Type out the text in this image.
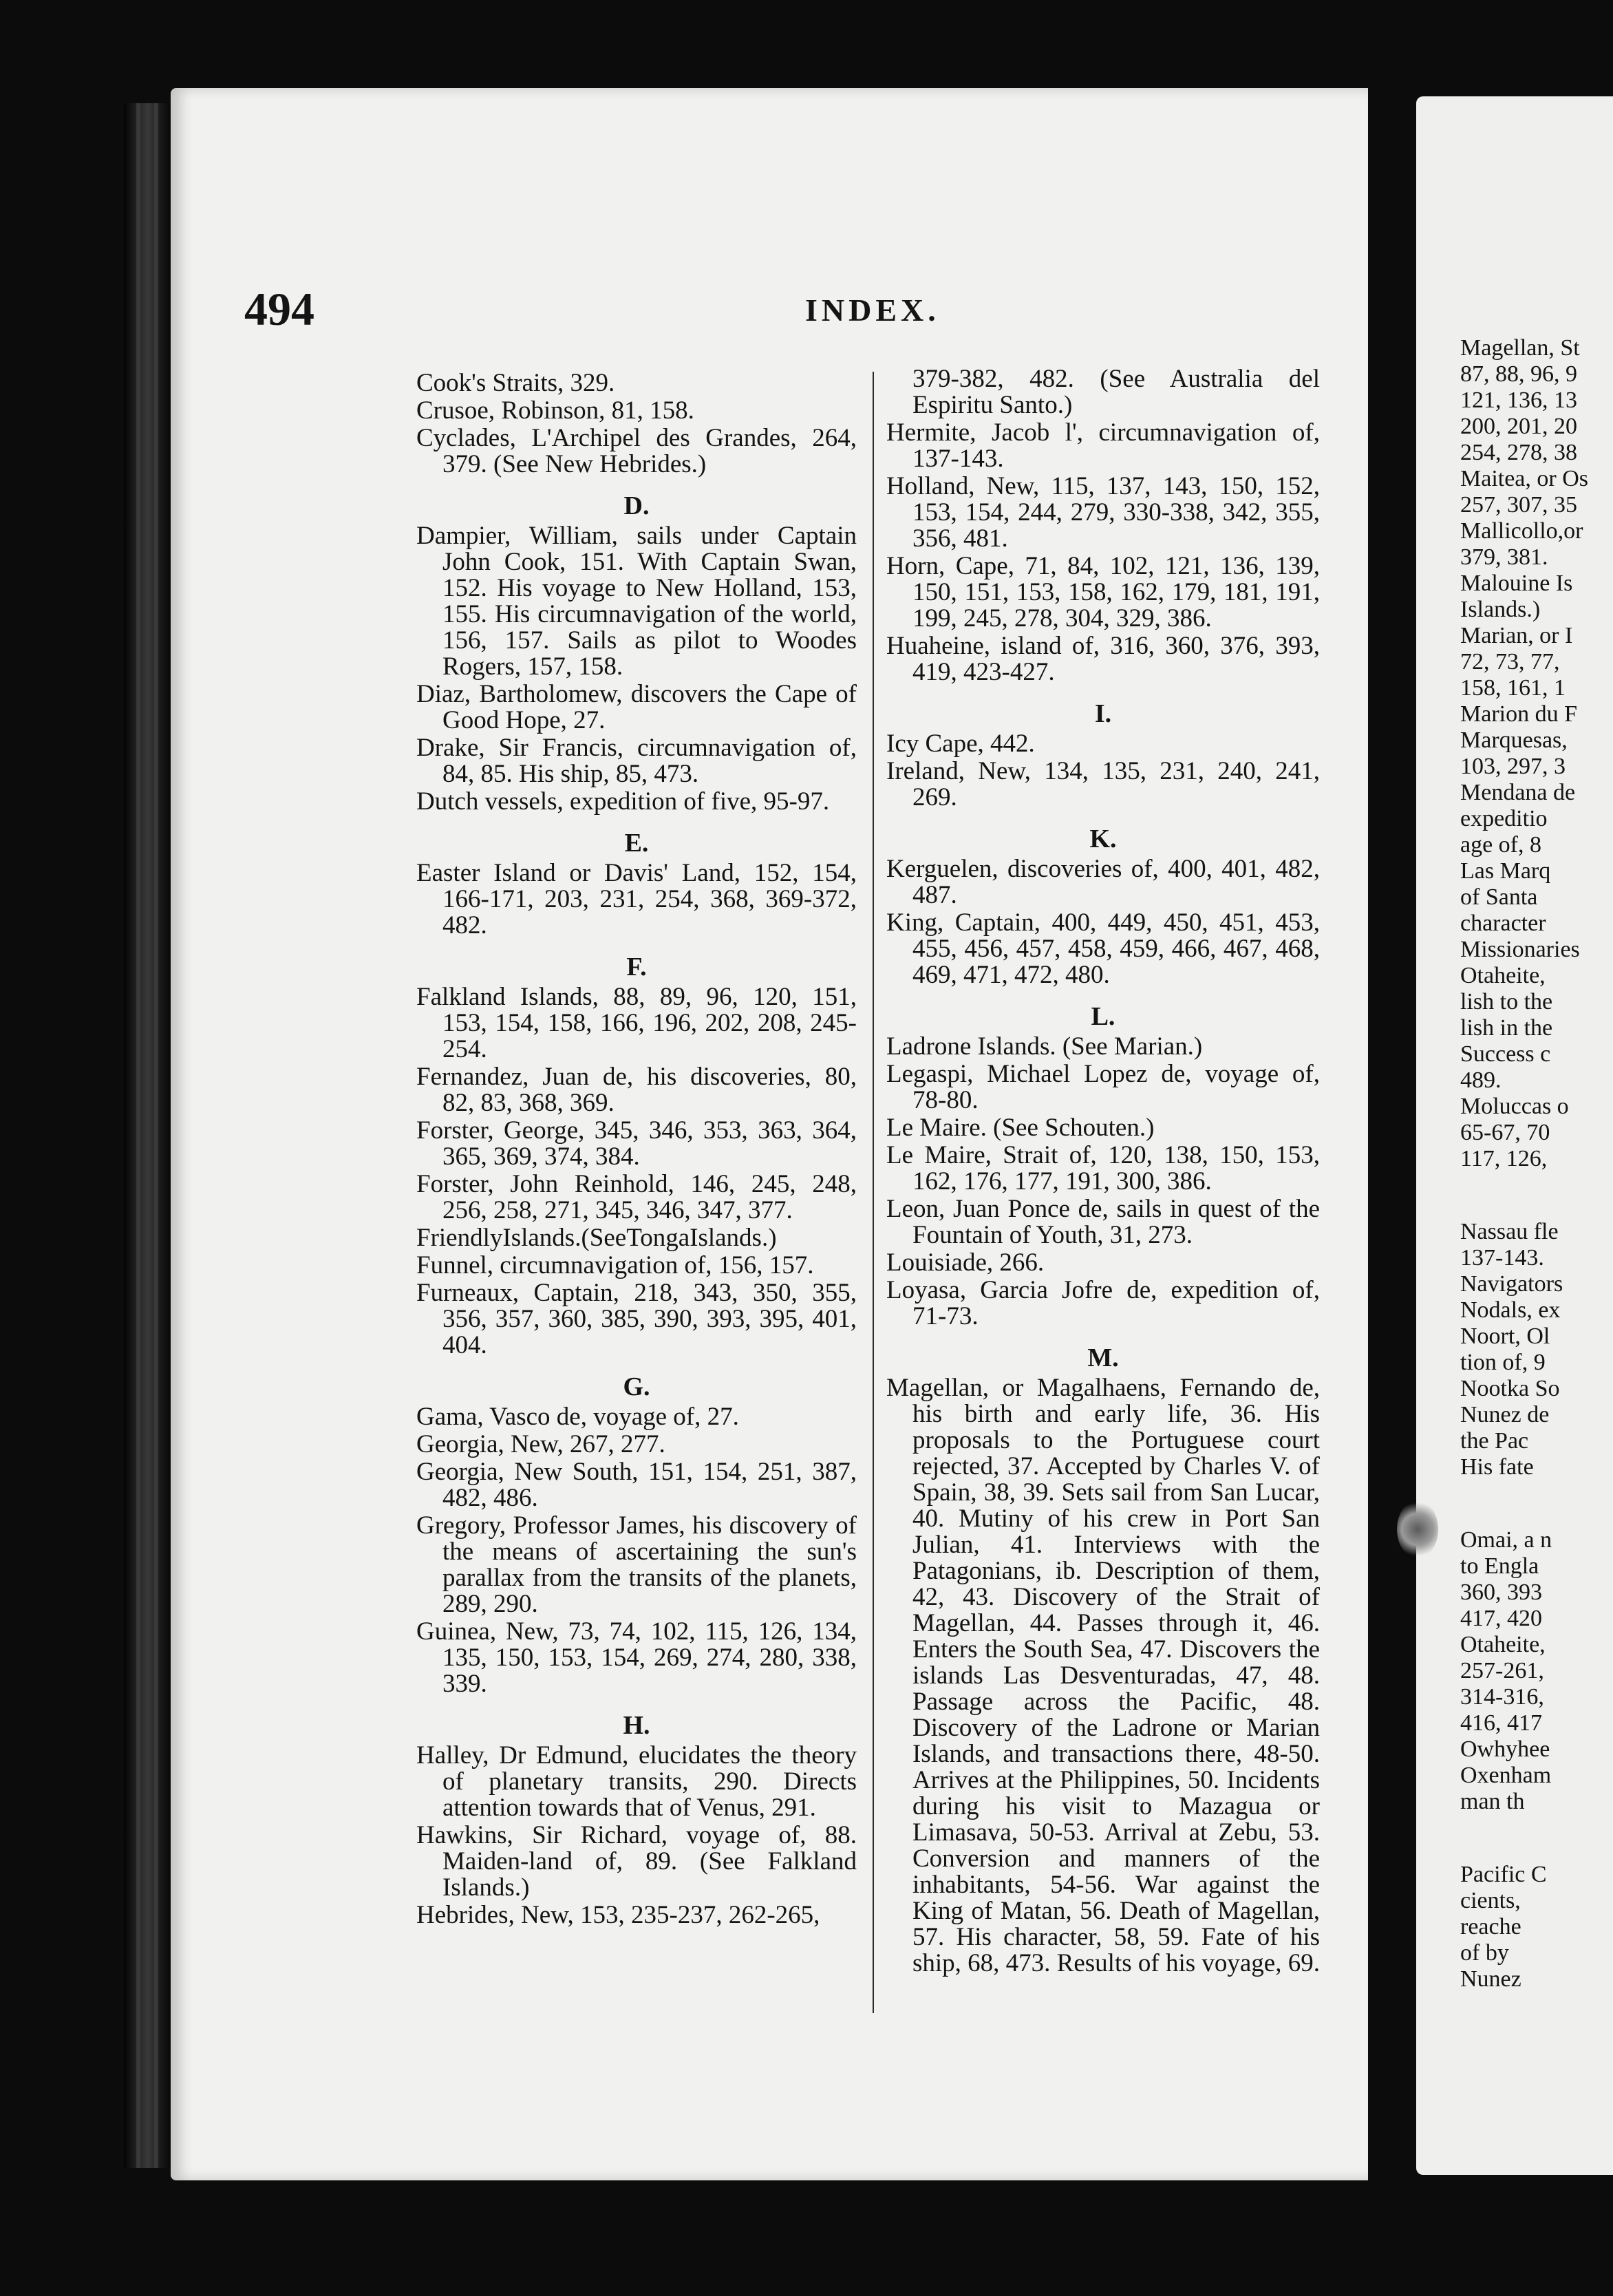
494	INDEX.
Cook's Straits, 329.
Crusoe, Robinson, 81, 158.
Cyclades, L'Archipel des Grandes, 264, 379. (See New Hebrides.)
D.
Dampier, William, sails under Captain John Cook, 151. With Captain Swan, 152. His voyage to New Holland, 153, 155. His circumnavigation of the world, 156, 157. Sails as pilot to Woodes Rogers, 157, 158.
Diaz, Bartholomew, discovers the Cape of Good Hope, 27.
Drake, Sir Francis, circumnavigation of, 84, 85. His ship, 85, 473.
Dutch vessels, expedition of five, 95-97.
E.
Easter Island or Davis' Land, 152, 154, 166-171, 203, 231, 254, 368, 369-372, 482.
F.
Falkland Islands, 88, 89, 96, 120, 151, 153, 154, 158, 166, 196, 202, 208, 245-254.
Fernandez, Juan de, his discoveries, 80, 82, 83, 368, 369.
Forster, George, 345, 346, 353, 363, 364, 365, 369, 374, 384.
Forster, John Reinhold, 146, 245, 248, 256, 258, 271, 345, 346, 347, 377.
FriendlyIslands.(SeeTongaIslands.)
Funnel, circumnavigation of, 156, 157.
Furneaux, Captain, 218, 343, 350, 355, 356, 357, 360, 385, 390, 393, 395, 401, 404.
G.
Gama, Vasco de, voyage of, 27.
Georgia, New, 267, 277.
Georgia, New South, 151, 154, 251, 387, 482, 486.
Gregory, Professor James, his discovery of the means of ascertaining the sun's parallax from the transits of the planets, 289, 290.
Guinea, New, 73, 74, 102, 115, 126, 134, 135, 150, 153, 154, 269, 274, 280, 338, 339.
H.
Halley, Dr Edmund, elucidates the theory of planetary transits, 290. Directs attention towards that of Venus, 291.
Hawkins, Sir Richard, voyage of, 88. Maiden-land of, 89. (See Falkland Islands.)
Hebrides, New, 153, 235-237, 262-265,
379-382, 482. (See Australia del Espiritu Santo.)
Hermite, Jacob l', circumnavigation of, 137-143.
Holland, New, 115, 137, 143, 150, 152, 153, 154, 244, 279, 330-338, 342, 355, 356, 481.
Horn, Cape, 71, 84, 102, 121, 136, 139, 150, 151, 153, 158, 162, 179, 181, 191, 199, 245, 278, 304, 329, 386.
Huaheine, island of, 316, 360, 376, 393, 419, 423-427.
I.
Icy Cape, 442.
Ireland, New, 134, 135, 231, 240, 241, 269.
K.
Kerguelen, discoveries of, 400, 401, 482, 487.
King, Captain, 400, 449, 450, 451, 453, 455, 456, 457, 458, 459, 466, 467, 468, 469, 471, 472, 480.
L.
Ladrone Islands. (See Marian.)
Legaspi, Michael Lopez de, voyage of, 78-80.
Le Maire. (See Schouten.)
Le Maire, Strait of, 120, 138, 150, 153, 162, 176, 177, 191, 300, 386.
Leon, Juan Ponce de, sails in quest of the Fountain of Youth, 31, 273.
Louisiade, 266.
Loyasa, Garcia Jofre de, expedition of, 71-73.
M.
Magellan, or Magalhaens, Fernando de, his birth and early life, 36. His proposals to the Portuguese court rejected, 37. Accepted by Charles V. of Spain, 38, 39. Sets sail from San Lucar, 40. Mutiny of his crew in Port San Julian, 41. Interviews with the Patagonians, ib. Description of them, 42, 43. Discovery of the Strait of Magellan, 44. Passes through it, 46. Enters the South Sea, 47. Discovers the islands Las Desventuradas, 47, 48. Passage across the Pacific, 48. Discovery of the Ladrone or Marian Islands, and transactions there, 48-50. Arrives at the Philippines, 50. Incidents during his visit to Mazagua or Limasava, 50-53. Arrival at Zebu, 53. Conversion and manners of the inhabitants, 54-56. War against the King of Matan, 56. Death of Magellan, 57. His character, 58, 59. Fate of his ship, 68, 473. Results of his voyage, 69.
Magellan, St
87, 88, 96, 9
121, 136, 13
200, 201, 20
254, 278, 38
Maitea, or Os
257, 307, 35
Mallicollo,or
379, 381.
Malouine Is
Islands.)
Marian, or I
72, 73, 77,
158, 161, 1
Marion du F
Marquesas,
103, 297, 3
Mendana de
expeditio
age of, 8
Las Marq
of Santa
character
Missionaries
Otaheite,
lish to the
lish in the
Success c
489.
Moluccas o
65-67, 70
117, 126,
Nassau fle
137-143.
Navigators
Nodals, ex
Noort, Ol
tion of, 9
Nootka So
Nunez de
the Pac
His fate
Omai, a n
to Engla
360, 393
417, 420
Otaheite,
257-261,
314-316,
416, 417
Owhyhee
Oxenham
man th
Pacific C
cients,
reache
of by
Nunez
